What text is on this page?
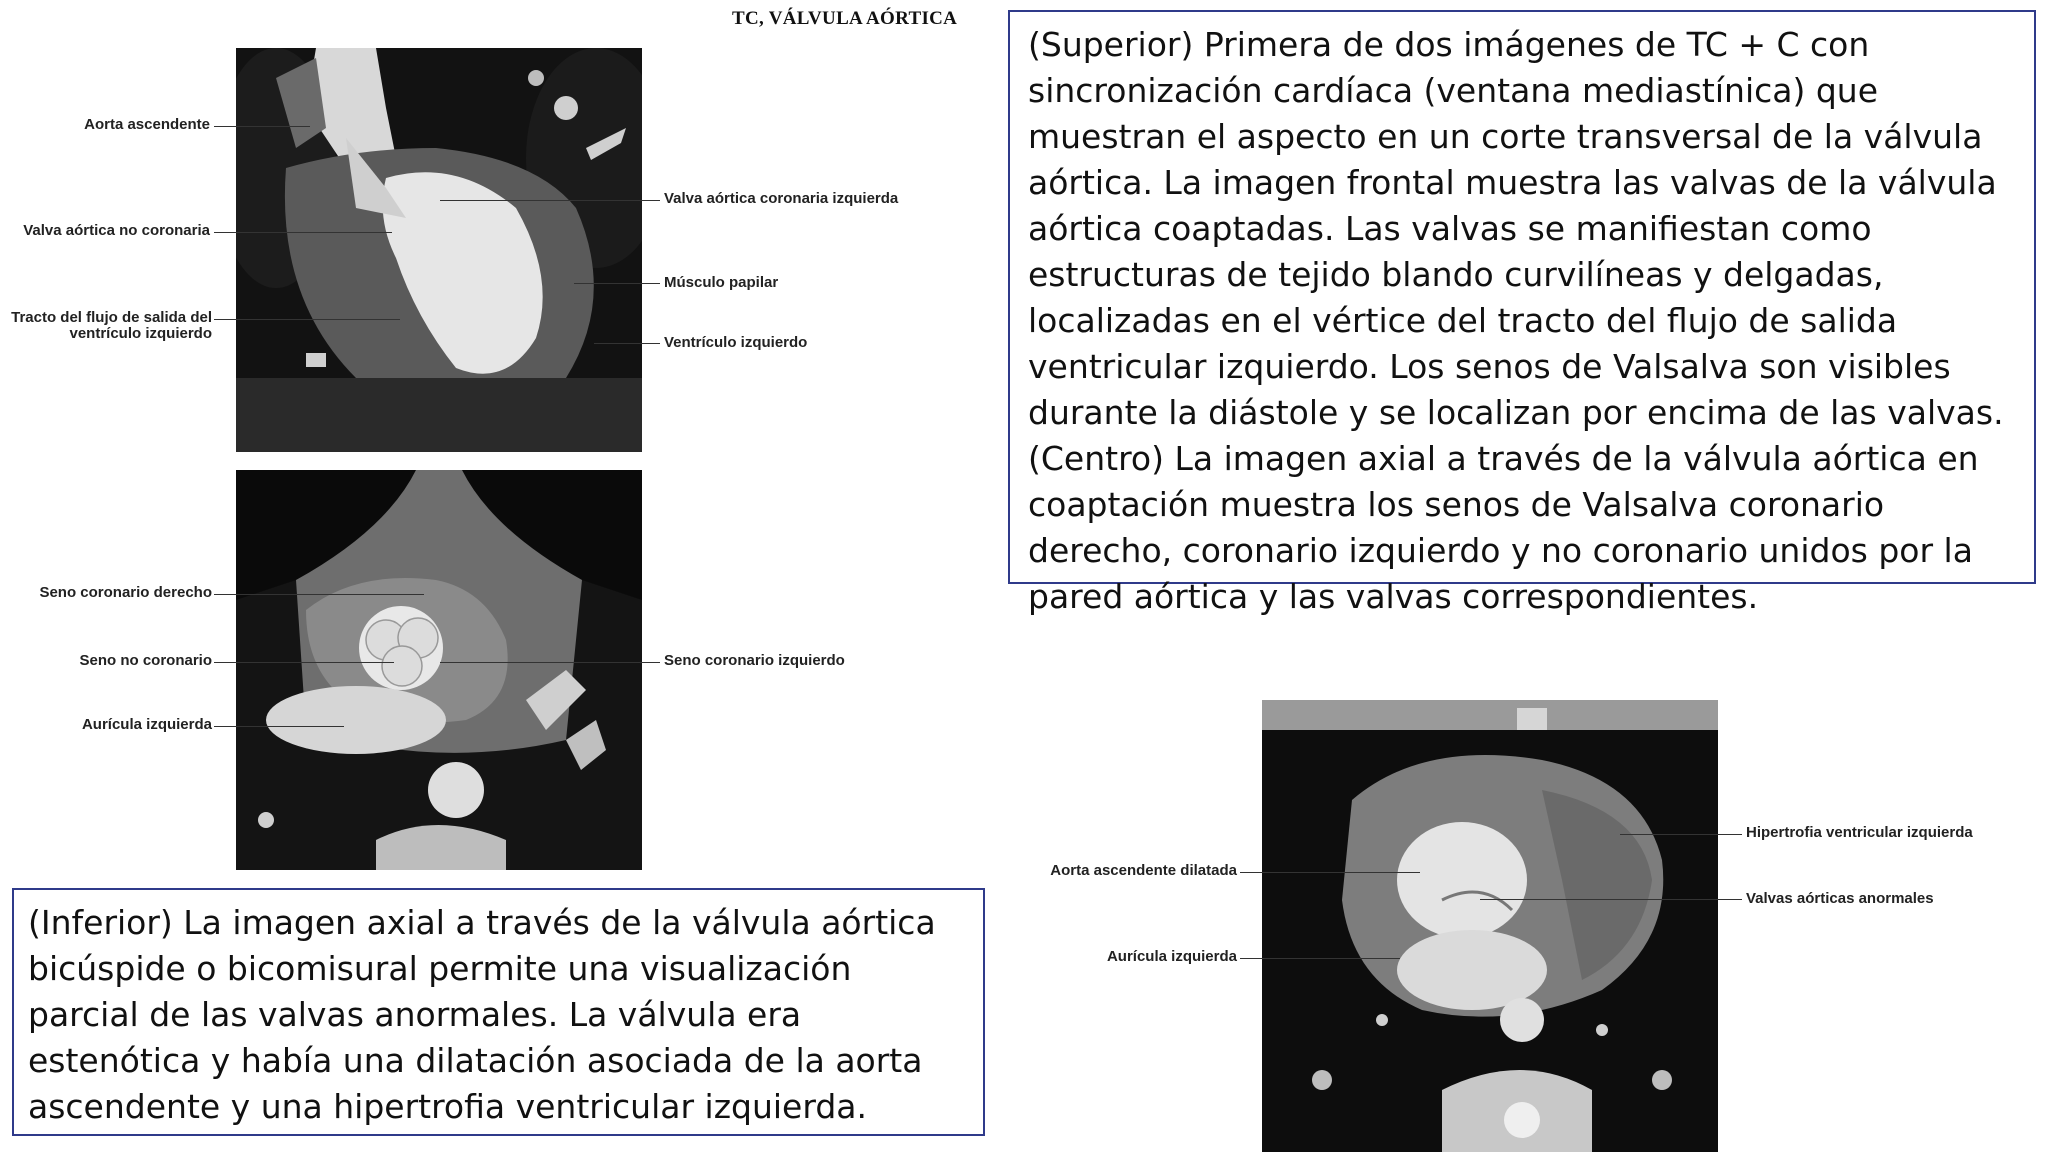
TC, VÁLVULA AÓRTICA
Aorta ascendente
Valva aórtica no coronaria
Tracto del flujo de salida del ventrículo izquierdo
Valva aórtica coronaria izquierda
Músculo papilar
Ventrículo izquierdo
Seno coronario derecho
Seno no coronario
Aurícula izquierda
Seno coronario izquierdo
Aorta ascendente dilatada
Aurícula izquierda
Hipertrofia ventricular izquierda
Valvas aórticas anormales

(Superior) Primera de dos imágenes de TC + C con sincronización cardíaca (ventana mediastínica) que muestran el aspecto en un corte transversal de la válvula aórtica. La imagen frontal muestra las valvas de la válvula aórtica coaptadas. Las valvas se manifiestan como estructuras de tejido blando curvilíneas y delgadas, localizadas en el vértice del tracto del flujo de salida ventricular izquierdo. Los senos de Valsalva son visibles durante la diástole y se localizan por encima de las valvas. (Centro) La imagen axial a través de la válvula aórtica en coaptación muestra los senos de Valsalva coronario derecho, coronario izquierdo y no coronario unidos por la pared aórtica y las valvas correspondientes.

(Inferior) La imagen axial a través de la válvula aórtica bicúspide o bicomisural permite una visualización parcial de las valvas anormales. La válvula era estenótica y había una dilatación asociada de la aorta ascendente y una hipertrofia ventricular izquierda.
